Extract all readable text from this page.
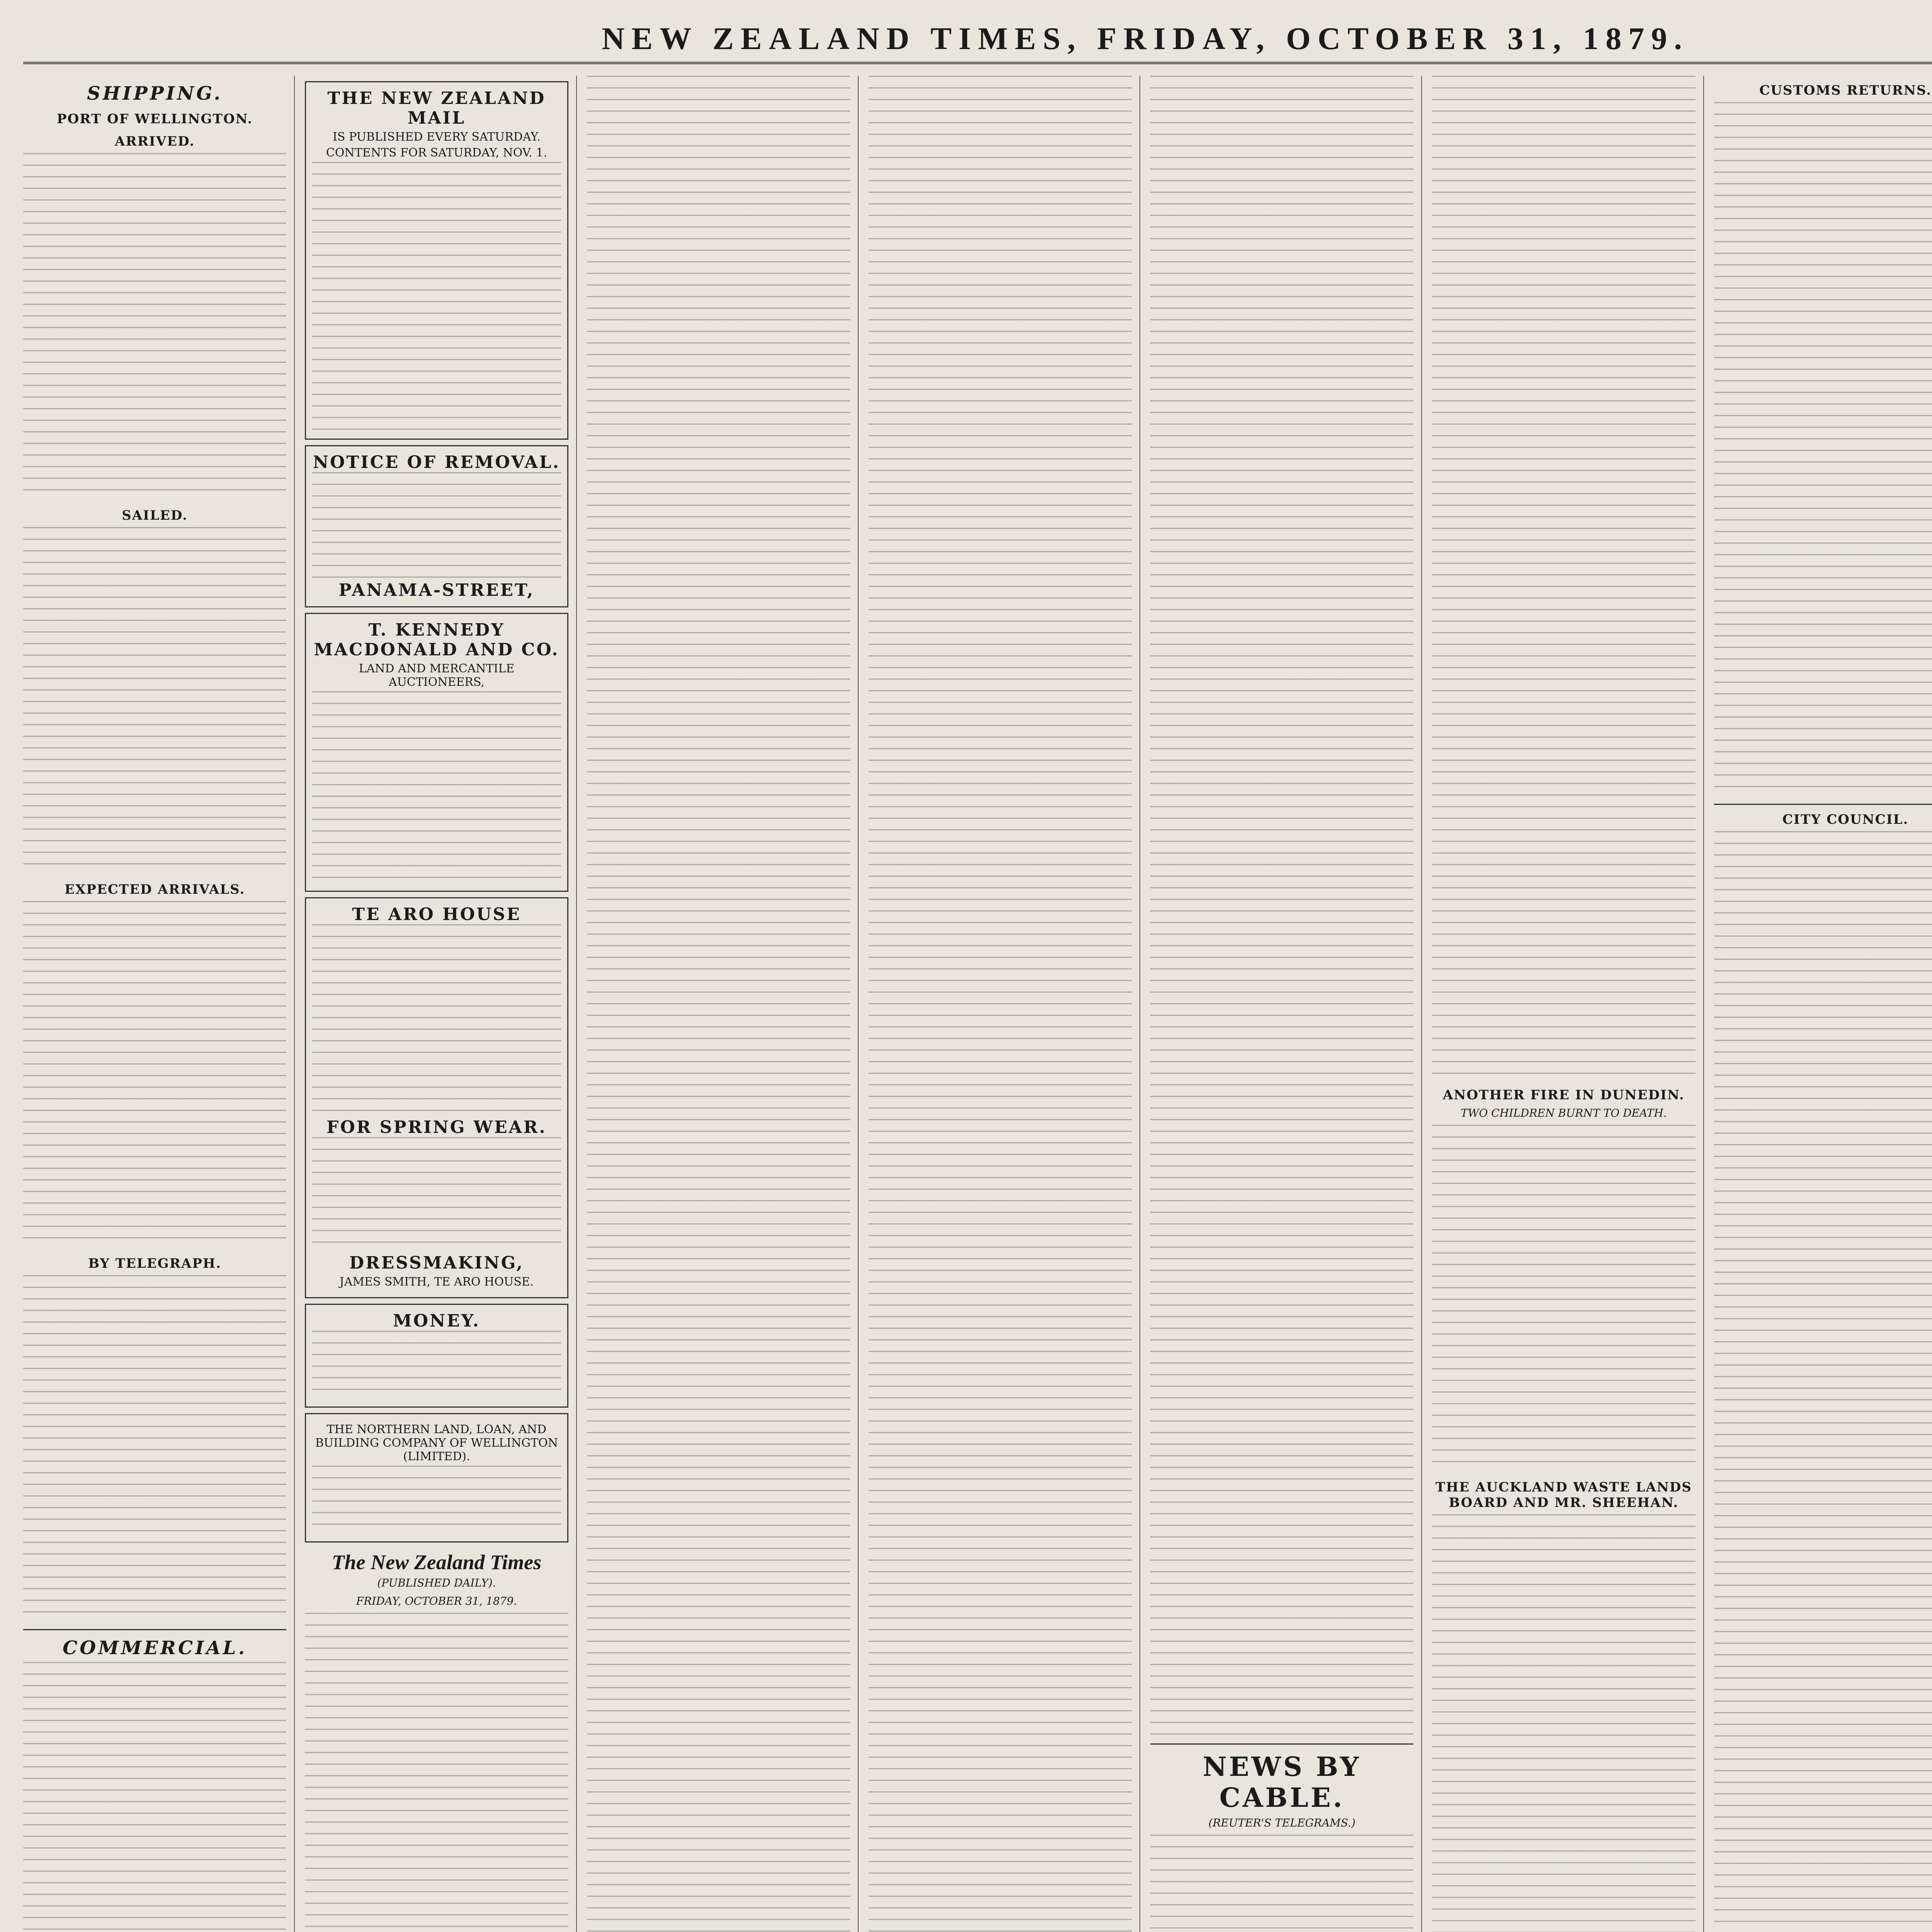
NEW ZEALAND TIMES, FRIDAY, OCTOBER 31, 1879.
SHIPPING.
PORT OF WELLINGTON.
ARRIVED.
SAILED.
EXPECTED ARRIVALS.
BY TELEGRAPH.
COMMERCIAL.
THE NEW ZEALAND MAIL
IS PUBLISHED EVERY SATURDAY.
CONTENTS FOR SATURDAY, NOV. 1.
NOTICE OF REMOVAL.
PANAMA-STREET,
T. KENNEDY MACDONALD AND CO.
LAND AND MERCANTILE AUCTIONEERS,
TE ARO HOUSE
FOR SPRING WEAR.
DRESSMAKING,
JAMES SMITH, TE ARO HOUSE.
MONEY.
THE NORTHERN LAND, LOAN, AND BUILDING COMPANY OF WELLINGTON (LIMITED).
The New Zealand Times
(PUBLISHED DAILY).
FRIDAY, OCTOBER 31, 1879.
NEWS BY CABLE.
(REUTER'S TELEGRAMS.)
ANOTHER FIRE IN DUNEDIN.
TWO CHILDREN BURNT TO DEATH.
THE AUCKLAND WASTE LANDS BOARD AND MR. SHEEHAN.

CUSTOMS RETURNS.
CITY COUNCIL.
